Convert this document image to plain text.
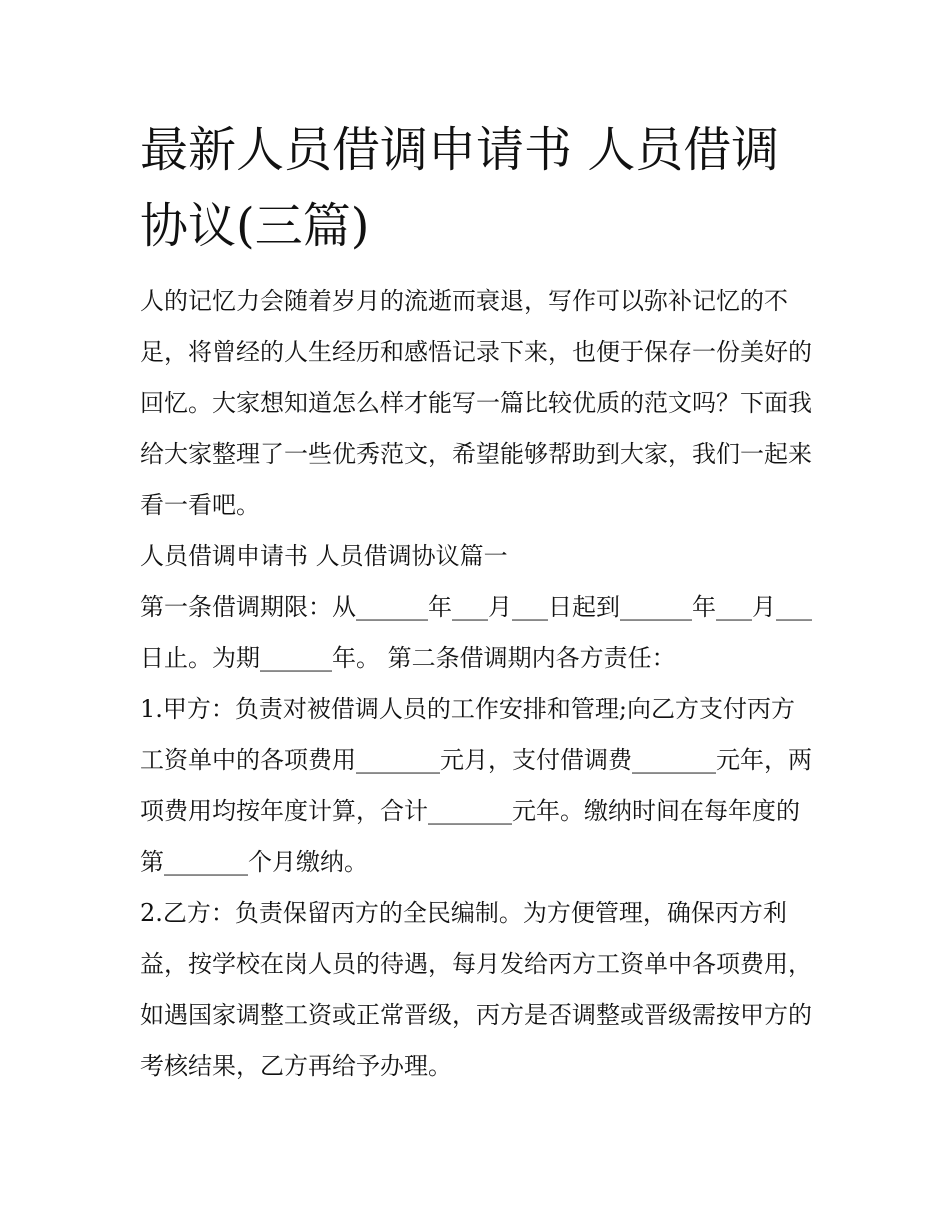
最新人员借调申请书 人员借调协议(三篇)

人的记忆力会随着岁月的流逝而衰退，写作可以弥补记忆的不足，将曾经的人生经历和感悟记录下来，也便于保存一份美好的回忆。大家想知道怎么样才能写一篇比较优质的范文吗？下面我给大家整理了一些优秀范文，希望能够帮助到大家，我们一起来看一看吧。

人员借调申请书 人员借调协议篇一

第一条借调期限：从______年___月___日起到______年___月___日止。为期______年。 第二条借调期内各方责任：

1.甲方：负责对被借调人员的工作安排和管理;向乙方支付丙方工资单中的各项费用_______元月，支付借调费_______元年，两项费用均按年度计算，合计_______元年。缴纳时间在每年度的第_______个月缴纳。

2.乙方：负责保留丙方的全民编制。为方便管理，确保丙方利益，按学校在岗人员的待遇，每月发给丙方工资单中各项费用，如遇国家调整工资或正常晋级，丙方是否调整或晋级需按甲方的考核结果，乙方再给予办理。
